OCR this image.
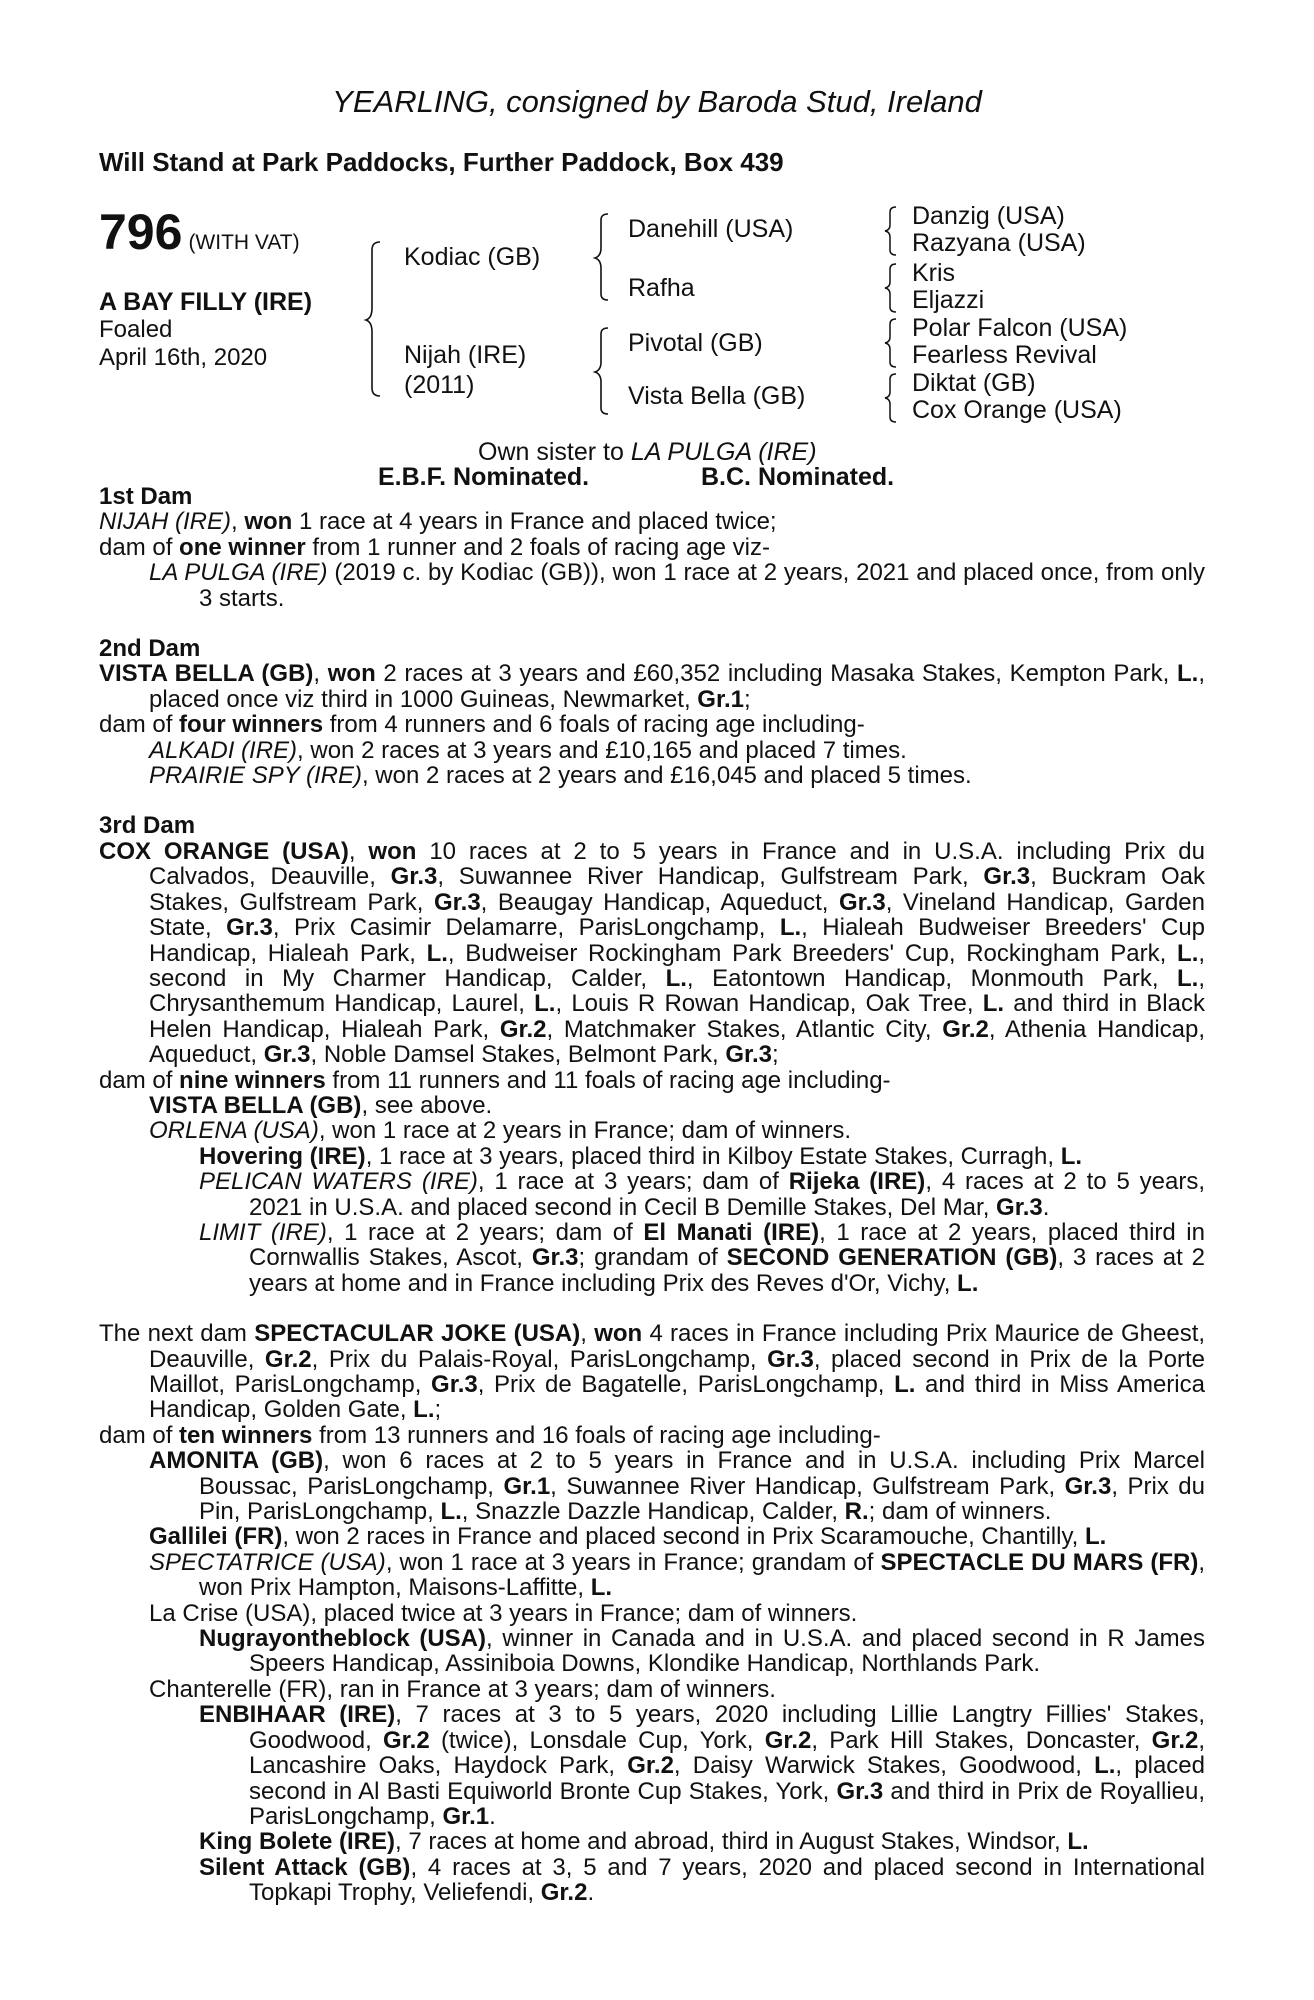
YEARLING, consigned by Baroda Stud, Ireland
Will Stand at Park Paddocks, Further Paddock, Box 439
796 (WITH VAT)
A BAY FILLY (IRE)
Foaled
April 16th, 2020
Kodiac (GB)
Nijah (IRE)
(2011)
Danehill (USA)
Rafha
Pivotal (GB)
Vista Bella (GB)
Danzig (USA)
Razyana (USA)
Kris
Eljazzi
Polar Falcon (USA)
Fearless Revival
Diktat (GB)
Cox Orange (USA)
Own sister to LA PULGA (IRE)
E.B.F. Nominated.	B.C. Nominated.

1st Dam

NIJAH (IRE), won 1 race at 4 years in France and placed twice;

dam of one winner from 1 runner and 2 foals of racing age viz-

LA PULGA (IRE) (2019 c. by Kodiac (GB)), won 1 race at 2 years, 2021 and placed once, from only 3 starts.

2nd Dam

VISTA BELLA (GB), won 2 races at 3 years and £60,352 including Masaka Stakes, Kempton Park, L., placed once viz third in 1000 Guineas, Newmarket, Gr.1;

dam of four winners from 4 runners and 6 foals of racing age including-

ALKADI (IRE), won 2 races at 3 years and £10,165 and placed 7 times.

PRAIRIE SPY (IRE), won 2 races at 2 years and £16,045 and placed 5 times.

3rd Dam

COX ORANGE (USA), won 10 races at 2 to 5 years in France and in U.S.A. including Prix du Calvados, Deauville, Gr.3, Suwannee River Handicap, Gulfstream Park, Gr.3, Buckram Oak Stakes, Gulfstream Park, Gr.3, Beaugay Handicap, Aqueduct, Gr.3, Vineland Handicap, Garden State, Gr.3, Prix Casimir Delamarre, ParisLongchamp, L., Hialeah Budweiser Breeders' Cup Handicap, Hialeah Park, L., Budweiser Rockingham Park Breeders' Cup, Rockingham Park, L., second in My Charmer Handicap, Calder, L., Eatontown Handicap, Monmouth Park, L., Chrysanthemum Handicap, Laurel, L., Louis R Rowan Handicap, Oak Tree, L. and third in Black Helen Handicap, Hialeah Park, Gr.2, Matchmaker Stakes, Atlantic City, Gr.2, Athenia Handicap, Aqueduct, Gr.3, Noble Damsel Stakes, Belmont Park, Gr.3;

dam of nine winners from 11 runners and 11 foals of racing age including-

VISTA BELLA (GB), see above.

ORLENA (USA), won 1 race at 2 years in France; dam of winners.

Hovering (IRE), 1 race at 3 years, placed third in Kilboy Estate Stakes, Curragh, L.

PELICAN WATERS (IRE), 1 race at 3 years; dam of Rijeka (IRE), 4 races at 2 to 5 years, 2021 in U.S.A. and placed second in Cecil B Demille Stakes, Del Mar, Gr.3.

LIMIT (IRE), 1 race at 2 years; dam of El Manati (IRE), 1 race at 2 years, placed third in Cornwallis Stakes, Ascot, Gr.3; grandam of SECOND GENERATION (GB), 3 races at 2 years at home and in France including Prix des Reves d'Or, Vichy, L.

The next dam SPECTACULAR JOKE (USA), won 4 races in France including Prix Maurice de Gheest, Deauville, Gr.2, Prix du Palais-Royal, ParisLongchamp, Gr.3, placed second in Prix de la Porte Maillot, ParisLongchamp, Gr.3, Prix de Bagatelle, ParisLongchamp, L. and third in Miss America Handicap, Golden Gate, L.;

dam of ten winners from 13 runners and 16 foals of racing age including-

AMONITA (GB), won 6 races at 2 to 5 years in France and in U.S.A. including Prix Marcel Boussac, ParisLongchamp, Gr.1, Suwannee River Handicap, Gulfstream Park, Gr.3, Prix du Pin, ParisLongchamp, L., Snazzle Dazzle Handicap, Calder, R.; dam of winners.

Gallilei (FR), won 2 races in France and placed second in Prix Scaramouche, Chantilly, L.

SPECTATRICE (USA), won 1 race at 3 years in France; grandam of SPECTACLE DU MARS (FR), won Prix Hampton, Maisons-Laffitte, L.

La Crise (USA), placed twice at 3 years in France; dam of winners.

Nugrayontheblock (USA), winner in Canada and in U.S.A. and placed second in R James Speers Handicap, Assiniboia Downs, Klondike Handicap, Northlands Park.

Chanterelle (FR), ran in France at 3 years; dam of winners.

ENBIHAAR (IRE), 7 races at 3 to 5 years, 2020 including Lillie Langtry Fillies' Stakes, Goodwood, Gr.2 (twice), Lonsdale Cup, York, Gr.2, Park Hill Stakes, Doncaster, Gr.2, Lancashire Oaks, Haydock Park, Gr.2, Daisy Warwick Stakes, Goodwood, L., placed second in Al Basti Equiworld Bronte Cup Stakes, York, Gr.3 and third in Prix de Royallieu, ParisLongchamp, Gr.1.

King Bolete (IRE), 7 races at home and abroad, third in August Stakes, Windsor, L.

Silent Attack (GB), 4 races at 3, 5 and 7 years, 2020 and placed second in International Topkapi Trophy, Veliefendi, Gr.2.
